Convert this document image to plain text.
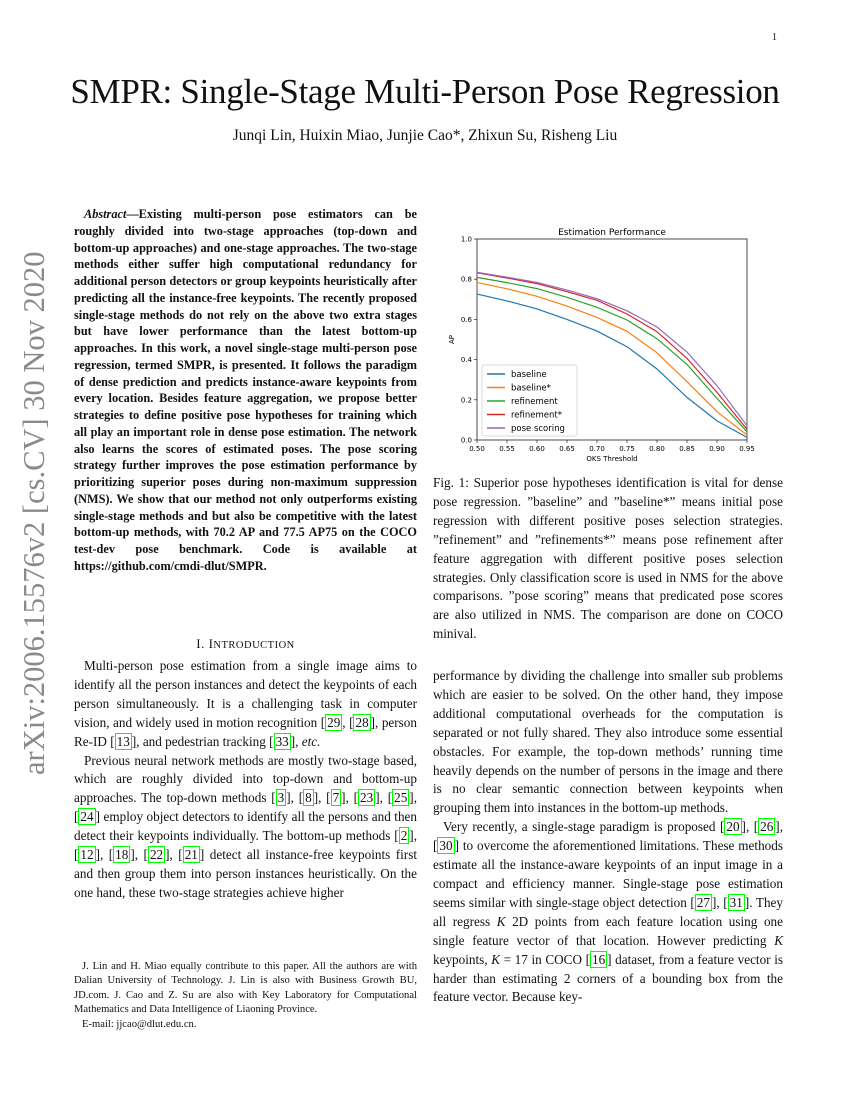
1
SMPR: Single-Stage Multi-Person Pose Regression
Junqi Lin, Huixin Miao, Junjie Cao*, Zhixun Su, Risheng Liu
arXiv:2006.15576v2 [cs.CV] 30 Nov 2020
Abstract—Existing multi-person pose estimators can be roughly divided into two-stage approaches (top-down and bottom-up approaches) and one-stage approaches. The two-stage methods either suffer high computational redundancy for additional person detectors or group keypoints heuristically after predicting all the instance-free keypoints. The recently proposed single-stage methods do not rely on the above two extra stages but have lower performance than the latest bottom-up approaches. In this work, a novel single-stage multi-person pose regression, termed SMPR, is presented. It follows the paradigm of dense prediction and predicts instance-aware keypoints from every location. Besides feature aggregation, we propose better strategies to define positive pose hypotheses for training which all play an important role in dense pose estimation. The network also learns the scores of estimated poses. The pose scoring strategy further improves the pose estimation performance by prioritizing superior poses during non-maximum suppression (NMS). We show that our method not only outperforms existing single-stage methods and but also be competitive with the latest bottom-up methods, with 70.2 AP and 77.5 AP75 on the COCO test-dev pose benchmark. Code is available at https://github.com/cmdi-dlut/SMPR.
I. INTRODUCTION

Multi-person pose estimation from a single image aims to identify all the person instances and detect the keypoints of each person simultaneously. It is a challenging task in computer vision, and widely used in motion recognition [ 29 , [ 28 ], person Re-ID [ 13 ], and pedestrian tracking [ 33 ], etc.

Previous neural network methods are mostly two-stage based, which are roughly divided into top-down and bottom-up approaches. The top-down methods [ 3 ], [ 8 ], [ 7 ], [ 23 ], [ 25 ], [ 24 ] employ object detectors to identify all the persons and then detect their keypoints individually. The bottom-up methods [ 2 ], [ 12 ], [ 18 ], [ 22 ], [ 21 ] detect all instance-free keypoints first and then group them into person instances heuristically. On the one hand, these two-stage strategies achieve higher

J. Lin and H. Miao equally contribute to this paper. All the authors are with Dalian University of Technology. J. Lin is also with Business Growth BU, JD.com. J. Cao and Z. Su are also with Key Laboratory for Computational Mathematics and Data Intelligence of Liaoning Province.

E-mail: jjcao@dlut.edu.cn.

Estimation Performance
0.50 0.55 0.60 0.65 0.70 0.75 0.80 0.85 0.90 0.95
0.0
0.2
0.4
0.6
0.8
1.0
OKS Threshold
AP
baseline
baseline*
refinement
refinement*
pose scoring
Fig. 1: Superior pose hypotheses identification is vital for dense pose regression. ”baseline” and ”baseline*” means initial pose regression with different positive poses selection strategies. ”refinement” and ”refinements*” means pose refinement after feature aggregation with different positive poses selection strategies. Only classification score is used in NMS for the above comparisons. ”pose scoring” means that predicated pose scores are also utilized in NMS. The comparison are done on COCO minival.

performance by dividing the challenge into smaller sub problems which are easier to be solved. On the other hand, they impose additional computational overheads for the computation is separated or not fully shared. They also introduce some essential obstacles. For example, the top-down methods’ running time heavily depends on the number of persons in the image and there is no clear semantic connection between keypoints when grouping them into instances in the bottom-up methods.

Very recently, a single-stage paradigm is proposed [ 20 ], [ 26 ], [ 30 ] to overcome the aforementioned limitations. These methods estimate all the instance-aware keypoints of an input image in a compact and efficiency manner. Single-stage pose estimation seems similar with single-stage object detection [ 27 ], [ 31 ]. They all regress K 2D points from each feature location using one single feature vector of that location. However predicting K keypoints, K = 17 in COCO [ 16 ] dataset, from a feature vector is harder than estimating 2 corners of a bounding box from the feature vector. Because key-
